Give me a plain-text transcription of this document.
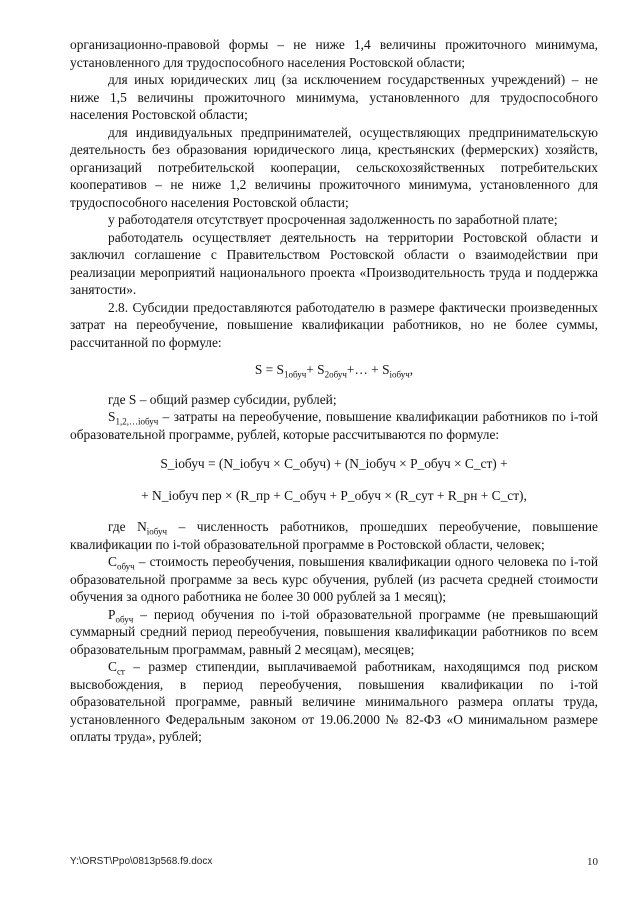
организационно-правовой формы – не ниже 1,4 величины прожиточного минимума, установленного для трудоспособного населения Ростовской области;

для иных юридических лиц (за исключением государственных учреждений) – не ниже 1,5 величины прожиточного минимума, установленного для трудоспособного населения Ростовской области;

для индивидуальных предпринимателей, осуществляющих предпринимательскую деятельность без образования юридического лица, крестьянских (фермерских) хозяйств, организаций потребительской кооперации, сельскохозяйственных потребительских кооперативов – не ниже 1,2 величины прожиточного минимума, установленного для трудоспособного населения Ростовской области;

у работодателя отсутствует просроченная задолженность по заработной плате;

работодатель осуществляет деятельность на территории Ростовской области и заключил соглашение с Правительством Ростовской области о взаимодействии при реализации мероприятий национального проекта «Производительность труда и поддержка занятости».

2.8. Субсидии предоставляются работодателю в размере фактически произведенных затрат на переобучение, повышение квалификации работников, но не более суммы, рассчитанной по формуле:

$S = S_{1обуч}+$ $S_{2обуч}+\dots + S_{iобуч}$,

где S – общий размер субсидии, рублей;

$S_{1,2,\dots iобуч}$ – затраты на переобучение, повышение квалификации работников по i-той образовательной программе, рублей, которые рассчитываются по формуле:

S_iобуч = (N_iобуч × C_обуч) + (N_iобуч × P_обуч × C_ст) +

+ N_iобуч пер × (R_пр + C_обуч + P_обуч × (R_сут + R_рн + C_ст),

где $N_{iобуч}$ – численность работников, прошедших переобучение, повышение квалификации по i-той образовательной программе в Ростовской области, человек;

$C_{обуч}$ – стоимость переобучения, повышения квалификации одного человека по i-той образовательной программе за весь курс обучения, рублей (из расчета средней стоимости обучения за одного работника не более 30 000 рублей за 1 месяц);

$P_{обуч}$ – период обучения по i-той образовательной программе (не превышающий суммарный средний период переобучения, повышения квалификации работников по всем образовательным программам, равный 2 месяцам), месяцев;

$C_{ст}$ – размер стипендии, выплачиваемой работникам, находящимся под риском высвобождения, в период переобучения, повышения квалификации по i-той образовательной программе, равный величине минимального размера оплаты труда, установленного Федеральным законом от 19.06.2000 № 82-ФЗ «О минимальном размере оплаты труда», рублей;

Y:\ORST\Ppo\0813p568.f9.docx	10
